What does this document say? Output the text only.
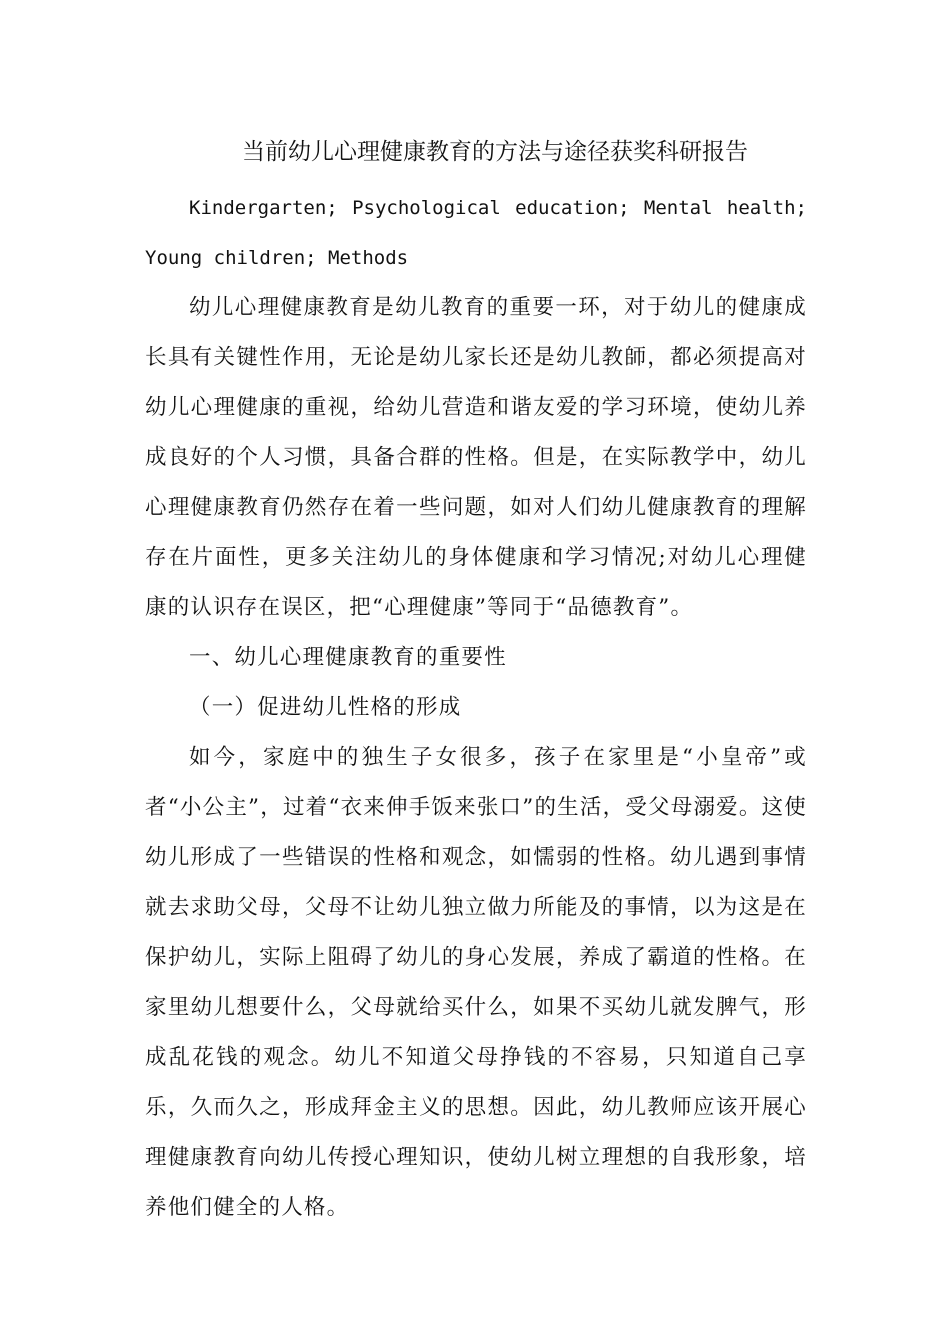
当前幼儿心理健康教育的方法与途径获奖科研报告

Kindergarten; Psychological education; Mental health; Young children; Methods

幼儿心理健康教育是幼儿教育的重要一环，对于幼儿的健康成长具有关键性作用，无论是幼儿家长还是幼儿教師，都必须提高对幼儿心理健康的重视，给幼儿营造和谐友爱的学习环境，使幼儿养成良好的个人习惯，具备合群的性格。但是，在实际教学中，幼儿心理健康教育仍然存在着一些问题，如对人们幼儿健康教育的理解存在片面性，更多关注幼儿的身体健康和学习情况;对幼儿心理健康的认识存在误区，把“心理健康”等同于“品德教育”。

一、幼儿心理健康教育的重要性

（一）促进幼儿性格的形成

如今，家庭中的独生子女很多，孩子在家里是“小皇帝”或者“小公主”，过着“衣来伸手饭来张口”的生活，受父母溺爱。这使幼儿形成了一些错误的性格和观念，如懦弱的性格。幼儿遇到事情就去求助父母，父母不让幼儿独立做力所能及的事情，以为这是在保护幼儿，实际上阻碍了幼儿的身心发展，养成了霸道的性格。在家里幼儿想要什么，父母就给买什么，如果不买幼儿就发脾气，形成乱花钱的观念。幼儿不知道父母挣钱的不容易，只知道自己享乐，久而久之，形成拜金主义的思想。因此，幼儿教师应该开展心理健康教育向幼儿传授心理知识，使幼儿树立理想的自我形象，培养他们健全的人格。
